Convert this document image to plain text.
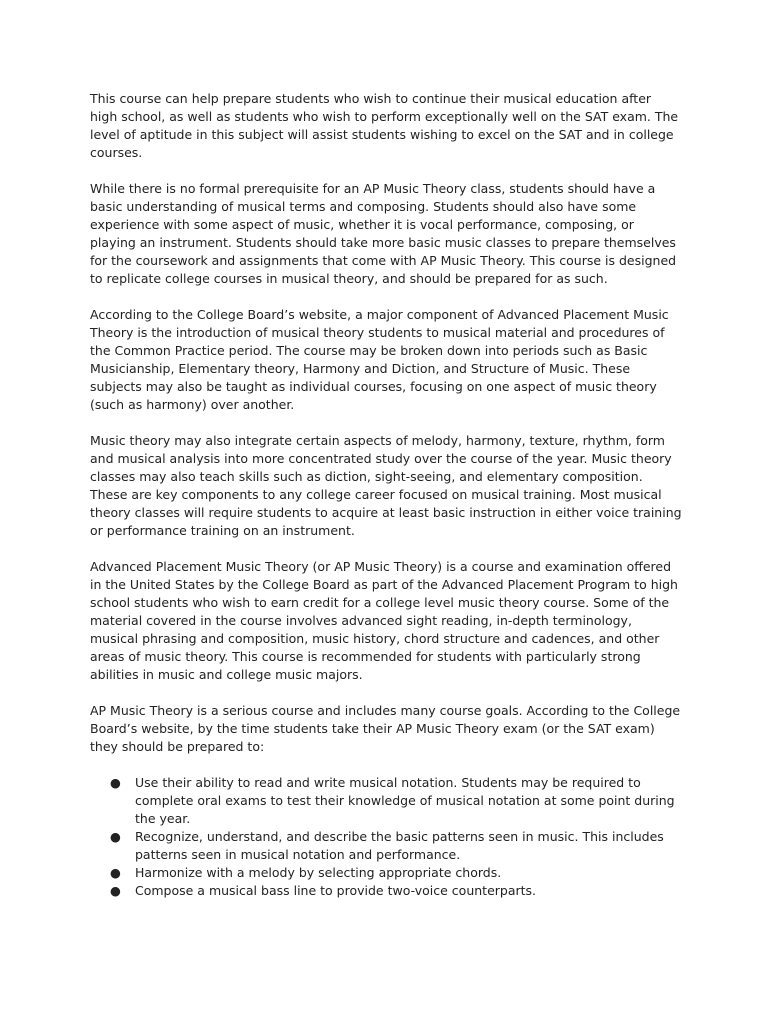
This course can help prepare students who wish to continue their musical education after high school, as well as students who wish to perform exceptionally well on the SAT exam. The level of aptitude in this subject will assist students wishing to excel on the SAT and in college courses.

While there is no formal prerequisite for an AP Music Theory class, students should have a basic understanding of musical terms and composing. Students should also have some experience with some aspect of music, whether it is vocal performance, composing, or playing an instrument. Students should take more basic music classes to prepare themselves for the coursework and assignments that come with AP Music Theory. This course is designed to replicate college courses in musical theory, and should be prepared for as such.

According to the College Board’s website, a major component of Advanced Placement Music Theory is the introduction of musical theory students to musical material and procedures of the Common Practice period. The course may be broken down into periods such as Basic Musicianship, Elementary theory, Harmony and Diction, and Structure of Music. These subjects may also be taught as individual courses, focusing on one aspect of music theory (such as harmony) over another.

Music theory may also integrate certain aspects of melody, harmony, texture, rhythm, form and musical analysis into more concentrated study over the course of the year. Music theory classes may also teach skills such as diction, sight-seeing, and elementary composition. These are key components to any college career focused on musical training. Most musical theory classes will require students to acquire at least basic instruction in either voice training or performance training on an instrument.

Advanced Placement Music Theory (or AP Music Theory) is a course and examination offered in the United States by the College Board as part of the Advanced Placement Program to high school students who wish to earn credit for a college level music theory course. Some of the material covered in the course involves advanced sight reading, in-depth terminology, musical phrasing and composition, music history, chord structure and cadences, and other areas of music theory. This course is recommended for students with particularly strong abilities in music and college music majors.

AP Music Theory is a serious course and includes many course goals. According to the College Board’s website, by the time students take their AP Music Theory exam (or the SAT exam) they should be prepared to:

● Use their ability to read and write musical notation. Students may be required to complete oral exams to test their knowledge of musical notation at some point during the year.
● Recognize, understand, and describe the basic patterns seen in music. This includes patterns seen in musical notation and performance.
● Harmonize with a melody by selecting appropriate chords.
● Compose a musical bass line to provide two-voice counterparts.
